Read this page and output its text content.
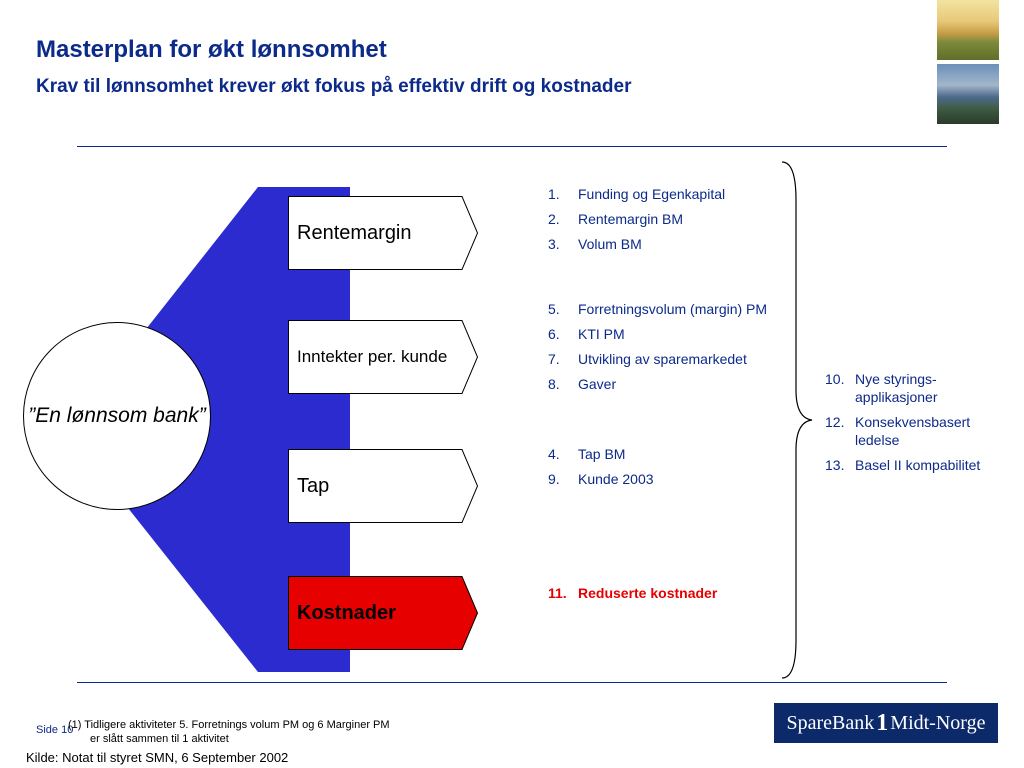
Masterplan for økt lønnsomhet
Krav til lønnsomhet krever økt fokus på effektiv drift og kostnader
”En lønnsom bank”
Rentemargin
Inntekter per. kunde
Tap
Kostnader
1.	Funding og Egenkapital
2.	Rentemargin BM
3.	Volum BM
5.	Forretningsvolum (margin) PM
6.	KTI PM
7.	Utvikling av sparemarkedet
8.	Gaver
4.	Tap BM
9.	Kunde 2003
11. Reduserte kostnader
10. Nye styrings-applikasjoner
12. Konsekvensbasert ledelse
13. Basel II kompabilitet
Side 10
(1) Tidligere aktiviteter 5. Forretnings volum PM og 6 Marginer PM
er slått sammen til 1 aktivitet
Kilde: Notat til styret SMN, 6 September 2002
SpareBank 1 Midt-Norge
